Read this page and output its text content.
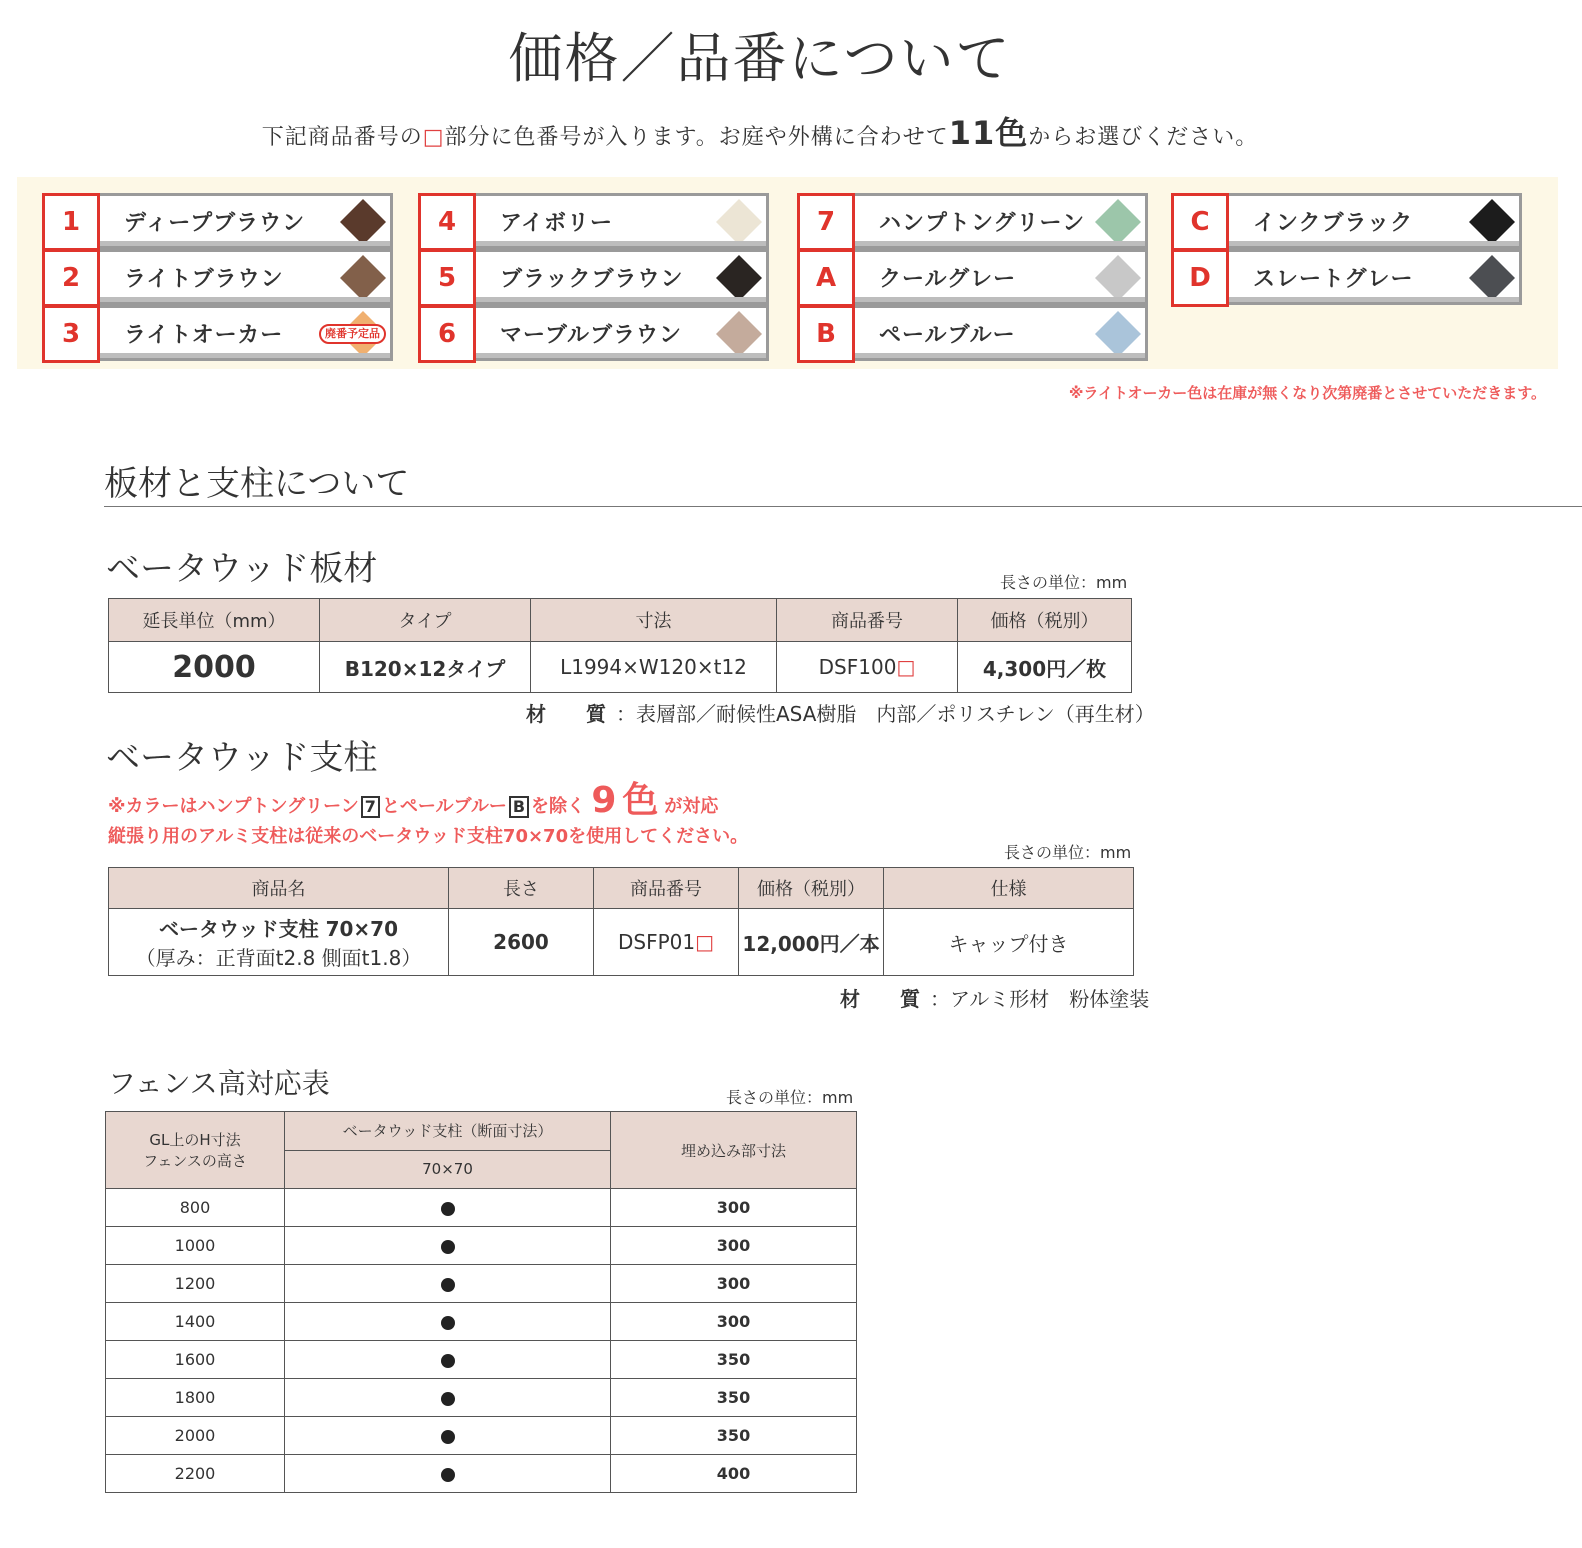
価格／品番について
下記商品番号の□部分に色番号が入ります。お庭や外構に合わせて11色からお選びください。
1	ディープブラウン
2	ライトブラウン
3	ライトオーカー	廃番予定品
4	アイボリー
5	ブラックブラウン
6	マーブルブラウン
7	ハンプトングリーン
A	クールグレー
B	ペールブルー
C	インクブラック
D	スレートグレー
※ライトオーカー色は在庫が無くなり次第廃番とさせていただきます。
板材と支柱について
ベータウッド板材	長さの単位：mm
延長単位（mm）	タイプ	寸法	商品番号	価格（税別）
2000	B120×12タイプ	L1994×W120×t12	DSF100□	4,300円／枚
材　質：表層部／耐候性ASA樹脂　内部／ポリスチレン（再生材）
ベータウッド支柱
※カラーはハンプトングリーン 7 とペールブルー B を除く 9色が対応
縦張り用のアルミ支柱は従来のベータウッド支柱70×70を使用してください。
長さの単位：mm
商品名	長さ	商品番号	価格（税別）	仕様

ベータウッド支柱 70×70
（厚み：正背面t2.8 側面t1.8）	2600	DSFP01□	12,000円／本	キャップ付き
材　質：アルミ形材　粉体塗装
フェンス高対応表	長さの単位：mm
GL上のH寸法
フェンスの高さ	ベータウッド支柱（断面寸法）	埋め込み部寸法
	70×70	
800		300
1000		300
1200		300
1400		300
1600		350
1800		350
2000		350
2200		400
